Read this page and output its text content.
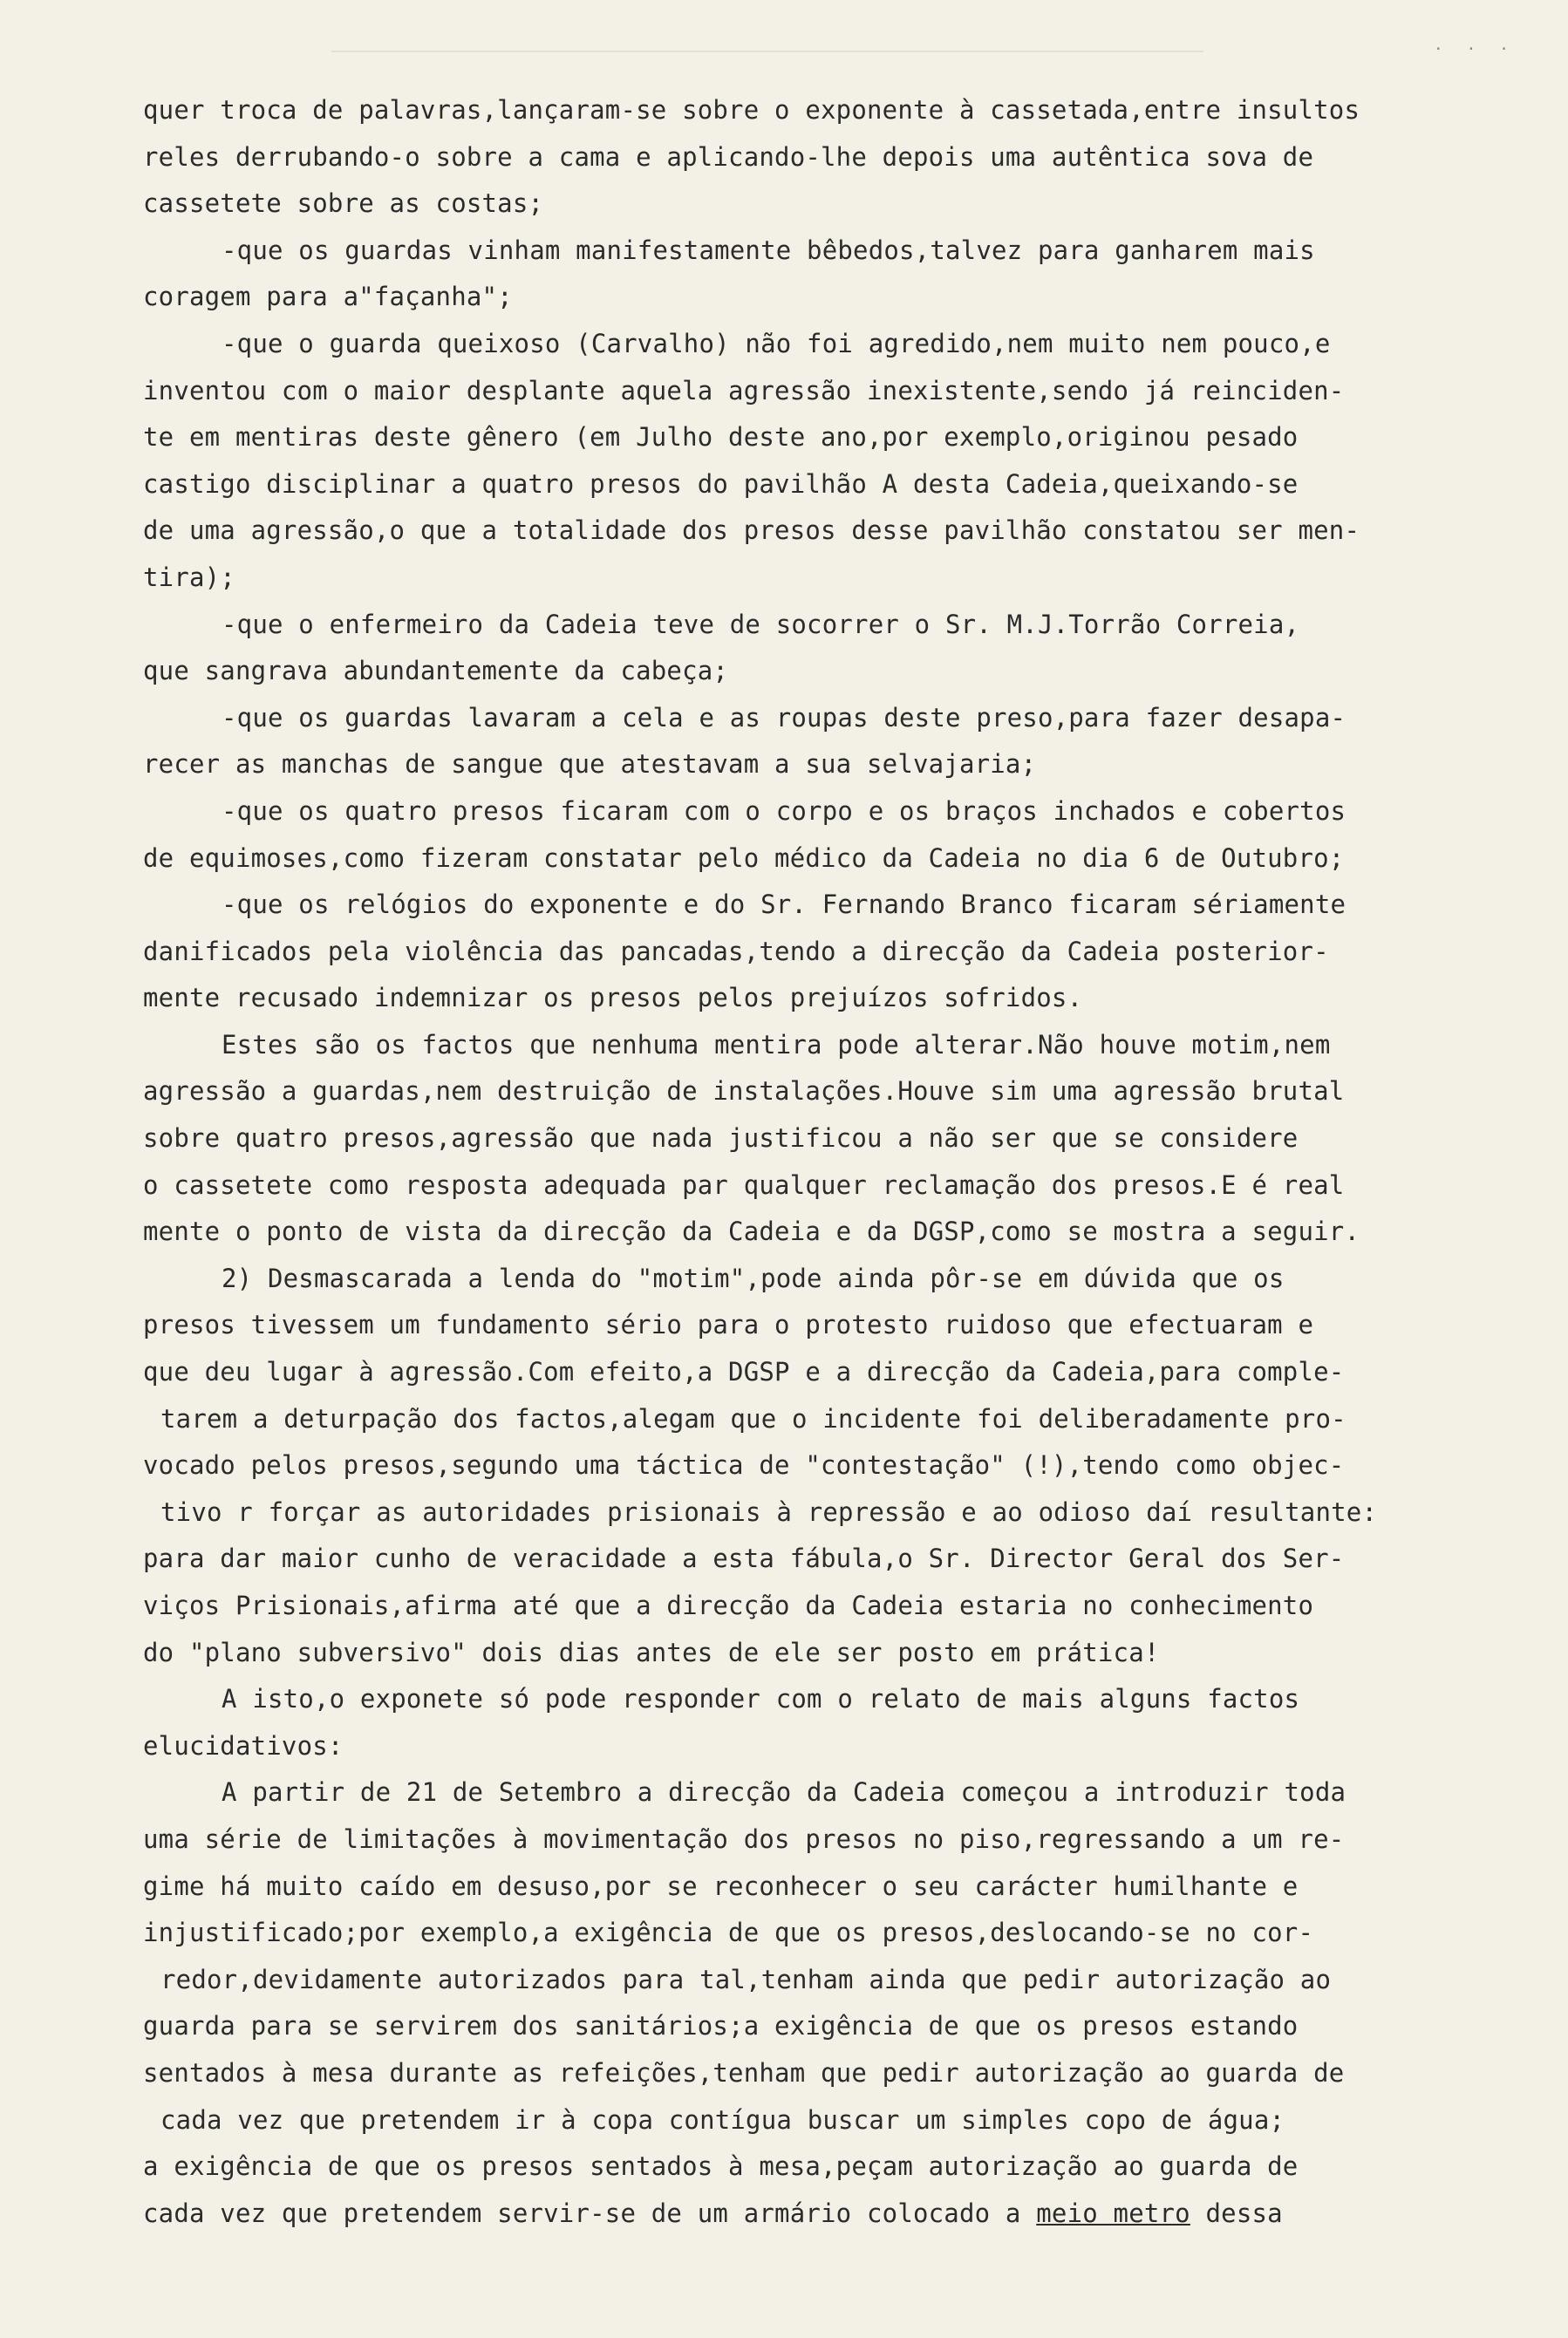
· · ·
quer troca de palavras,lançaram-se sobre o exponente à cassetada,entre insultos
reles derrubando-o sobre a cama e aplicando-lhe depois uma autêntica sova de
cassetete sobre as costas;
-que os guardas vinham manifestamente bêbedos,talvez para ganharem mais
coragem para a"façanha";
-que o guarda queixoso (Carvalho) não foi agredido,nem muito nem pouco,e
inventou com o maior desplante aquela agressão inexistente,sendo já reinciden-
te em mentiras deste gênero (em Julho deste ano,por exemplo,originou pesado
castigo disciplinar a quatro presos do pavilhão A desta Cadeia,queixando-se
de uma agressão,o que a totalidade dos presos desse pavilhão constatou ser men-
tira);
-que o enfermeiro da Cadeia teve de socorrer o Sr. M.J.Torrão Correia,
que sangrava abundantemente da cabeça;
-que os guardas lavaram a cela e as roupas deste preso,para fazer desapa-
recer as manchas de sangue que atestavam a sua selvajaria;
-que os quatro presos ficaram com o corpo e os braços inchados e cobertos
de equimoses,como fizeram constatar pelo médico da Cadeia no dia 6 de Outubro;
-que os relógios do exponente e do Sr. Fernando Branco ficaram sériamente
danificados pela violência das pancadas,tendo a direcção da Cadeia posterior-
mente recusado indemnizar os presos pelos prejuízos sofridos.
Estes são os factos que nenhuma mentira pode alterar.Não houve motim,nem
agressão a guardas,nem destruição de instalações.Houve sim uma agressão brutal
sobre quatro presos,agressão que nada justificou a não ser que se considere
o cassetete como resposta adequada par qualquer reclamação dos presos.E é real
mente o ponto de vista da direcção da Cadeia e da DGSP,como se mostra a seguir.
2) Desmascarada a lenda do "motim",pode ainda pôr-se em dúvida que os
presos tivessem um fundamento sério para o protesto ruidoso que efectuaram e
que deu lugar à agressão.Com efeito,a DGSP e a direcção da Cadeia,para comple-
tarem a deturpação dos factos,alegam que o incidente foi deliberadamente pro-
vocado pelos presos,segundo uma táctica de "contestação" (!),tendo como objec-
tivo r forçar as autoridades prisionais à repressão e ao odioso daí resultante:
para dar maior cunho de veracidade a esta fábula,o Sr. Director Geral dos Ser-
viços Prisionais,afirma até que a direcção da Cadeia estaria no conhecimento
do "plano subversivo" dois dias antes de ele ser posto em prática!
A isto,o exponete só pode responder com o relato de mais alguns factos
elucidativos:
A partir de 21 de Setembro a direcção da Cadeia começou a introduzir toda
uma série de limitações à movimentação dos presos no piso,regressando a um re-
gime há muito caído em desuso,por se reconhecer o seu carácter humilhante e
injustificado;por exemplo,a exigência de que os presos,deslocando-se no cor-
redor,devidamente autorizados para tal,tenham ainda que pedir autorização ao
guarda para se servirem dos sanitários;a exigência de que os presos estando
sentados à mesa durante as refeições,tenham que pedir autorização ao guarda de
cada vez que pretendem ir à copa contígua buscar um simples copo de água;
a exigência de que os presos sentados à mesa,peçam autorização ao guarda de
cada vez que pretendem servir-se de um armário colocado a meio metro dessa
